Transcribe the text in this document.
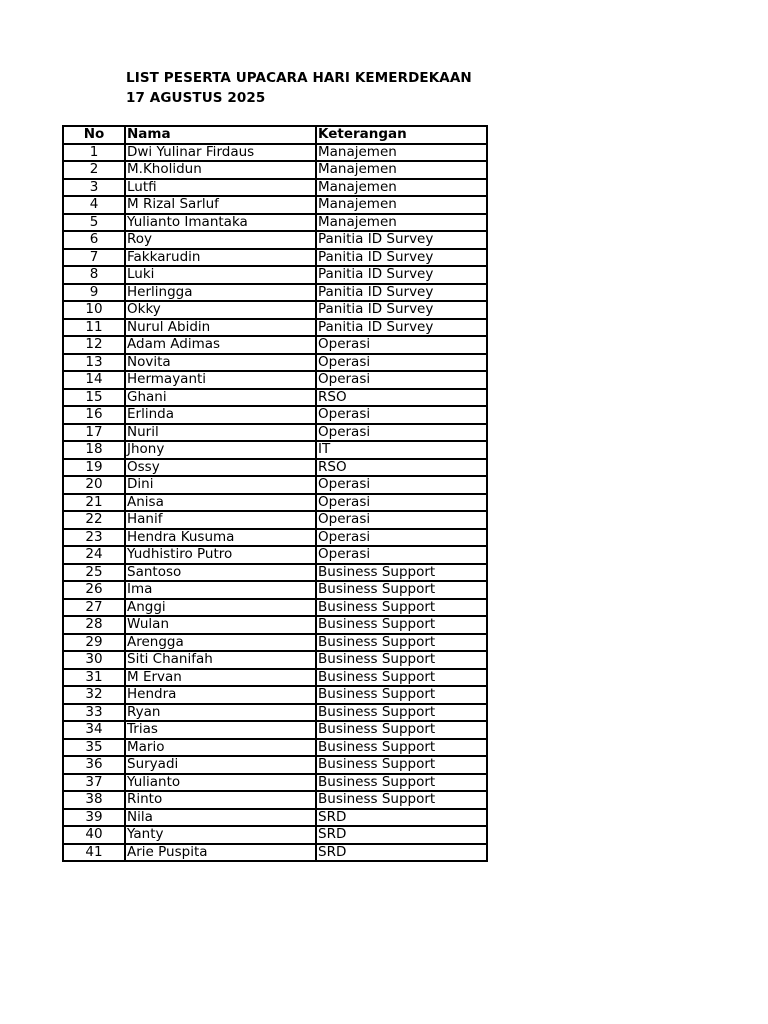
LIST PESERTA UPACARA HARI KEMERDEKAAN
17 AGUSTUS 2025
No	Nama	Keterangan
1	Dwi Yulinar Firdaus	Manajemen
2	M.Kholidun	Manajemen
3	Lutfi	Manajemen
4	M Rizal Sarluf	Manajemen
5	Yulianto Imantaka	Manajemen
6	Roy	Panitia ID Survey
7	Fakkarudin	Panitia ID Survey
8	Luki	Panitia ID Survey
9	Herlingga	Panitia ID Survey
10	Okky	Panitia ID Survey
11	Nurul Abidin	Panitia ID Survey
12	Adam Adimas	Operasi
13	Novita	Operasi
14	Hermayanti	Operasi
15	Ghani	RSO
16	Erlinda	Operasi
17	Nuril	Operasi
18	Jhony	IT
19	Ossy	RSO
20	Dini	Operasi
21	Anisa	Operasi
22	Hanif	Operasi
23	Hendra Kusuma	Operasi
24	Yudhistiro Putro	Operasi
25	Santoso	Business Support
26	Ima	Business Support
27	Anggi	Business Support
28	Wulan	Business Support
29	Arengga	Business Support
30	Siti Chanifah	Business Support
31	M Ervan	Business Support
32	Hendra	Business Support
33	Ryan	Business Support
34	Trias	Business Support
35	Mario	Business Support
36	Suryadi	Business Support
37	Yulianto	Business Support
38	Rinto	Business Support
39	Nila	SRD
40	Yanty	SRD
41	Arie Puspita	SRD
